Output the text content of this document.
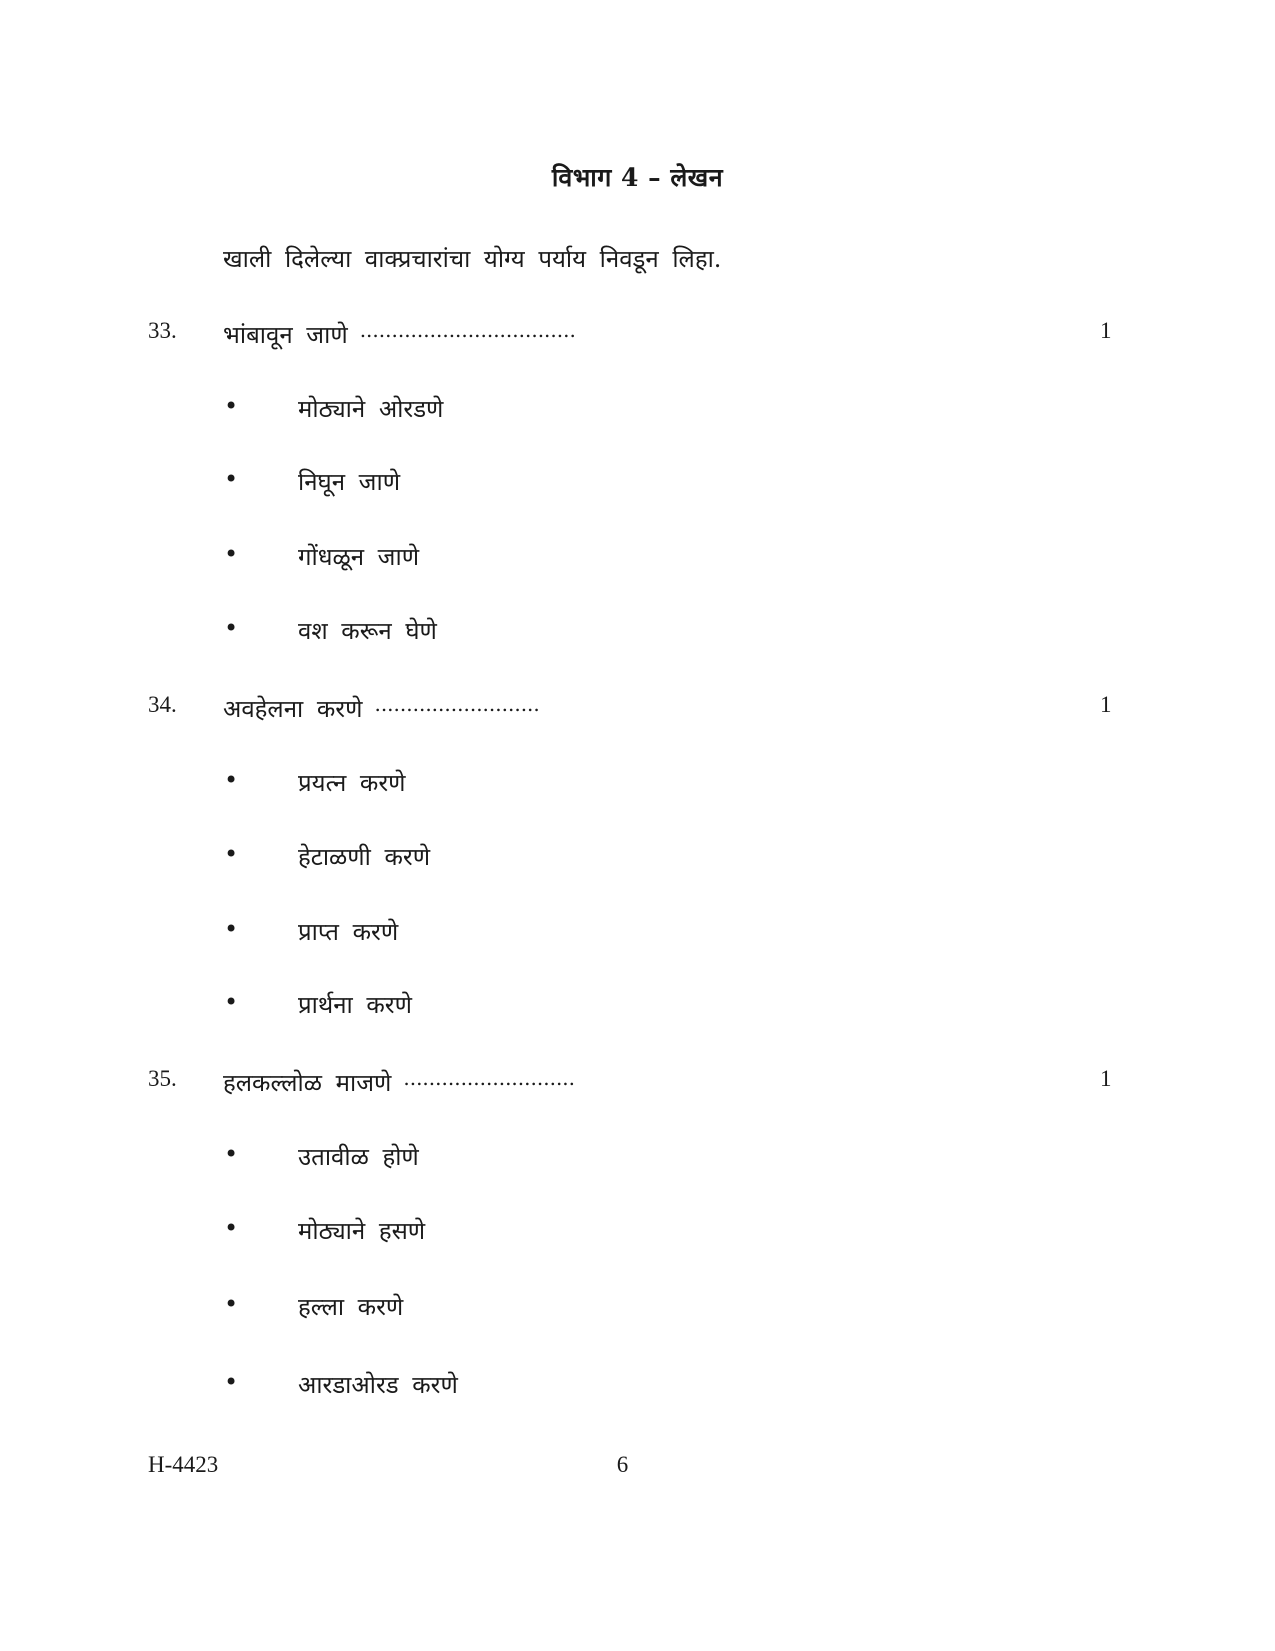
विभाग 4 – लेखन
खाली दिलेल्या वाक्प्रचारांचा योग्य पर्याय निवडून लिहा.
33. भांबावून जाणे ..................................	1
• मोठ्याने ओरडणे
• निघून जाणे
• गोंधळून जाणे
• वश करून घेणे
34. अवहेलना करणे ..........................	1
• प्रयत्न करणे
• हेटाळणी करणे
• प्राप्त करणे
• प्रार्थना करणे
35. हलकल्लोळ माजणे ...........................	1
• उतावीळ होणे
• मोठ्याने हसणे
• हल्ला करणे
• आरडाओरड करणे
H-4423	6
